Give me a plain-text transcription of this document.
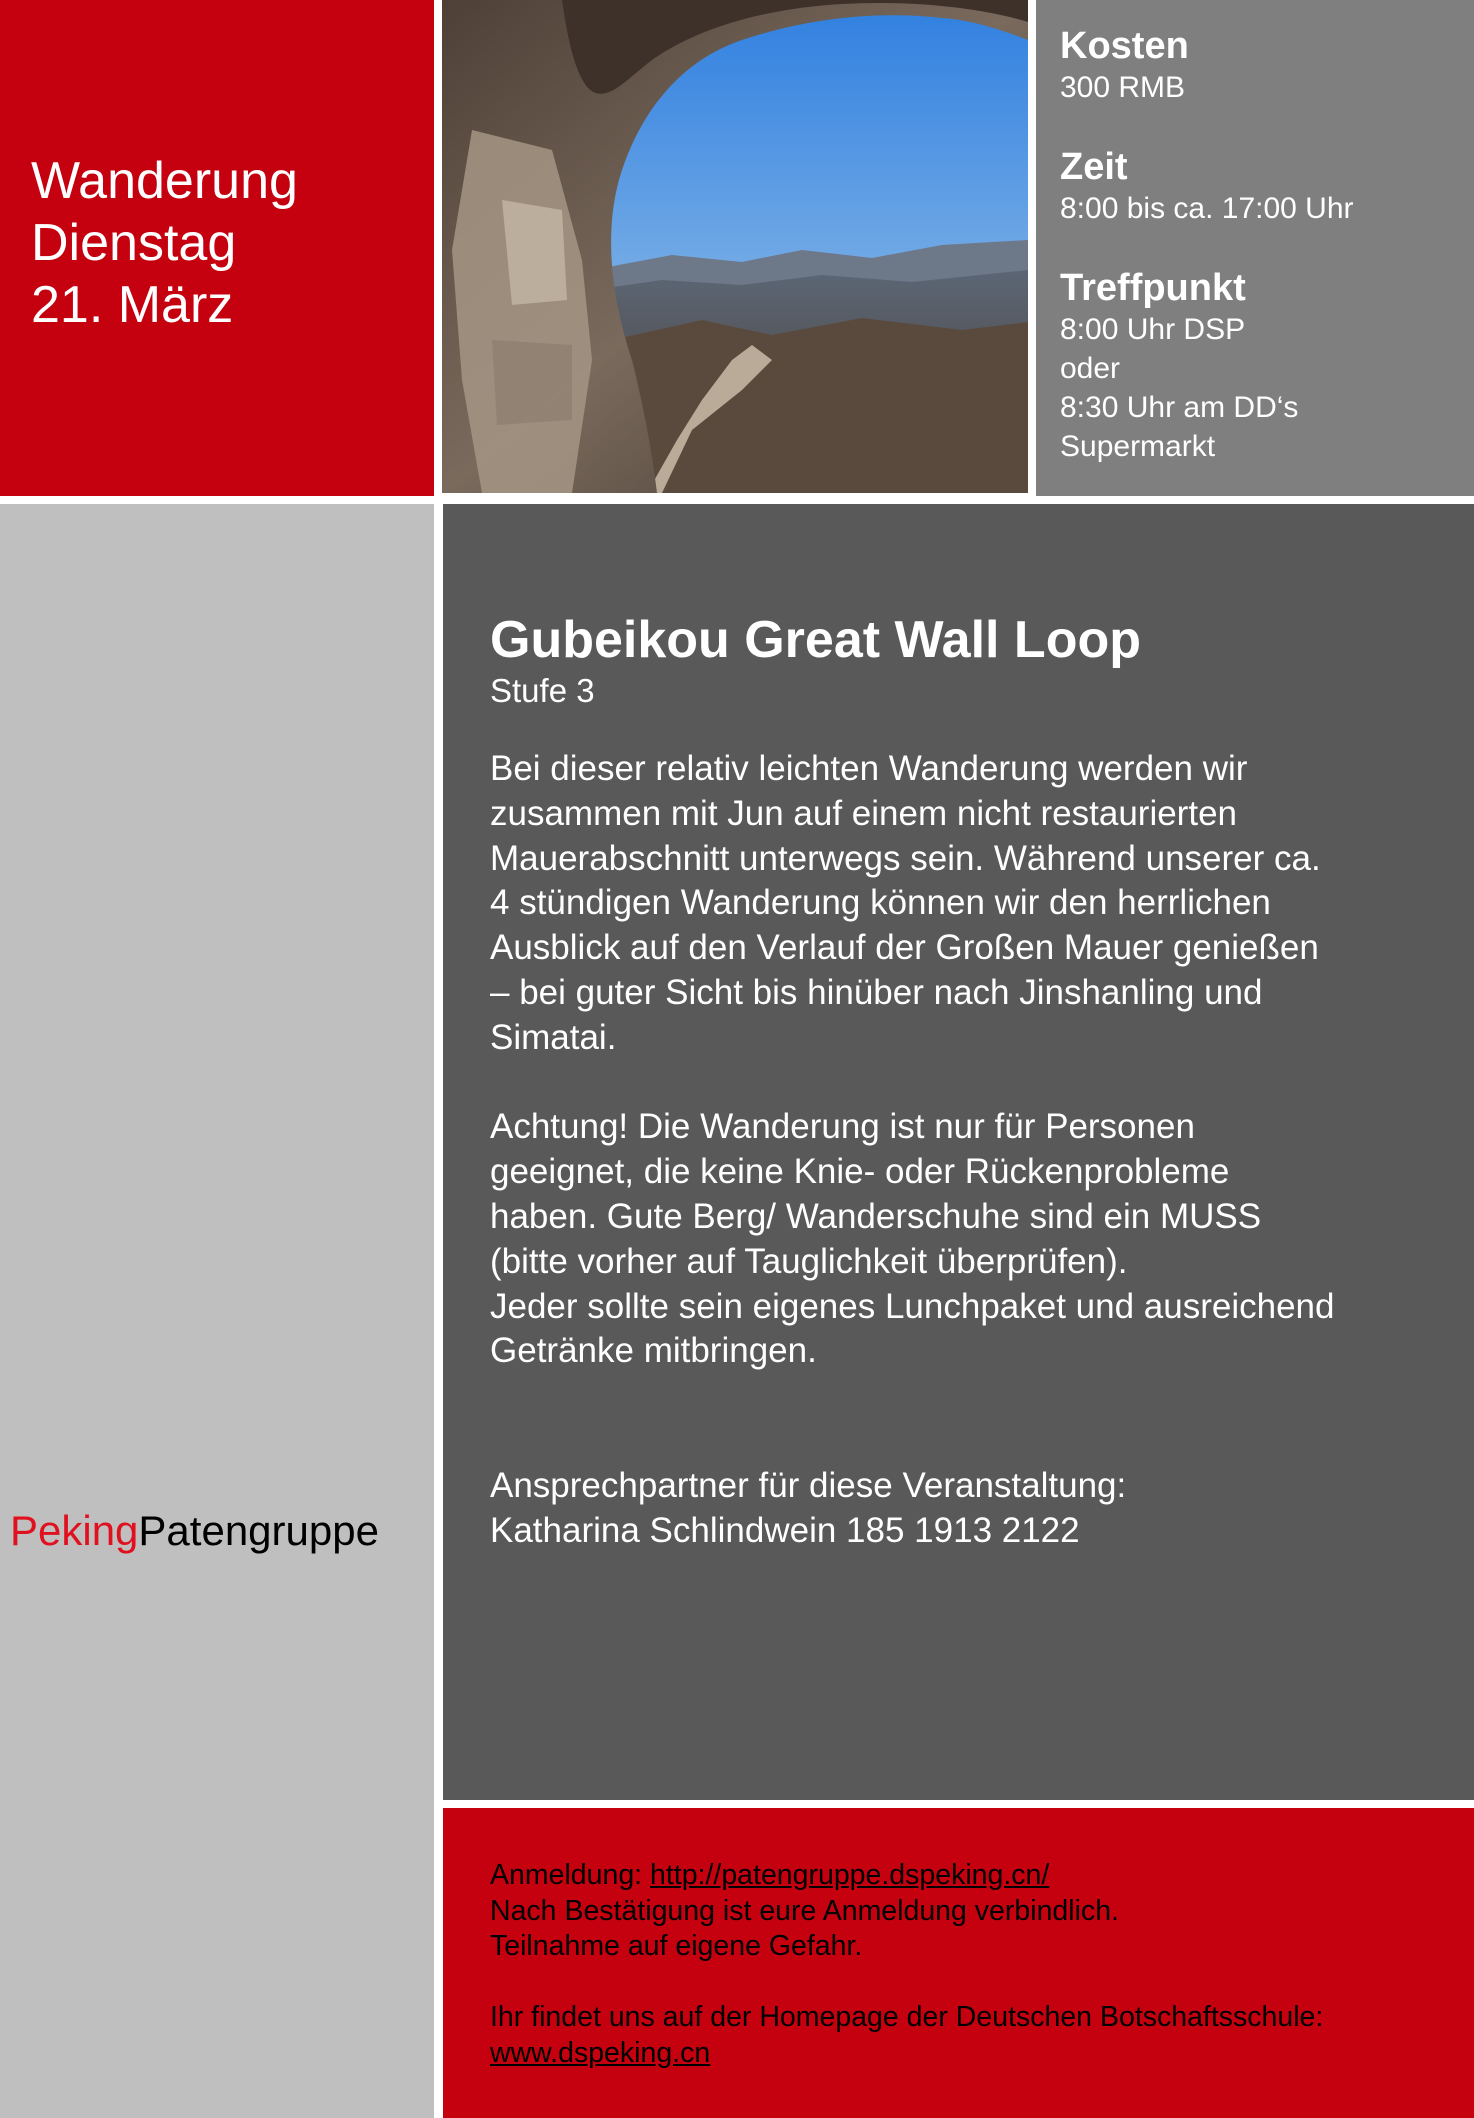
Wanderung
Dienstag
21. März
Kosten
300 RMB
Zeit
8:00 bis ca. 17:00 Uhr
Treffpunkt
8:00 Uhr DSP
oder
8:30 Uhr am DD‘s
Supermarkt
PekingPatengruppe
Gubeikou Great Wall Loop
Stufe 3
Bei dieser relativ leichten Wanderung werden wir
zusammen mit Jun auf einem nicht restaurierten
Mauerabschnitt unterwegs sein. Während unserer ca.
4 stündigen Wanderung können wir den herrlichen
Ausblick auf den Verlauf der Großen Mauer genießen
– bei guter Sicht bis hinüber nach Jinshanling und
Simatai.
Achtung! Die Wanderung ist nur für Personen
geeignet, die keine Knie- oder Rückenprobleme
haben. Gute Berg/ Wanderschuhe sind ein MUSS
(bitte vorher auf Tauglichkeit überprüfen).
Jeder sollte sein eigenes Lunchpaket und ausreichend
Getränke mitbringen.
Ansprechpartner für diese Veranstaltung:
Katharina Schlindwein 185 1913 2122
Anmeldung: http://patengruppe.dspeking.cn/
Nach Bestätigung ist eure Anmeldung verbindlich.
Teilnahme auf eigene Gefahr.
Ihr findet uns auf der Homepage der Deutschen Botschaftsschule:
www.dspeking.cn
